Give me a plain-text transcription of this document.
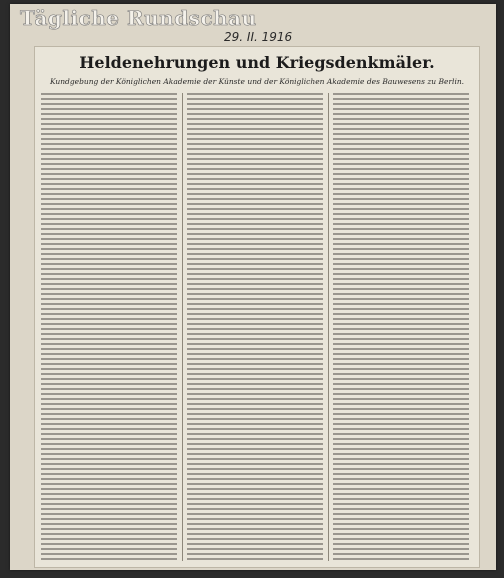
Tägliche Rundschau
29. II. 1916
Heldenehrungen und Kriegsdenkmäler.
Kundgebung der Königlichen Akademie der Künste und der Königlichen Akademie des Bauwesens zu Berlin.
